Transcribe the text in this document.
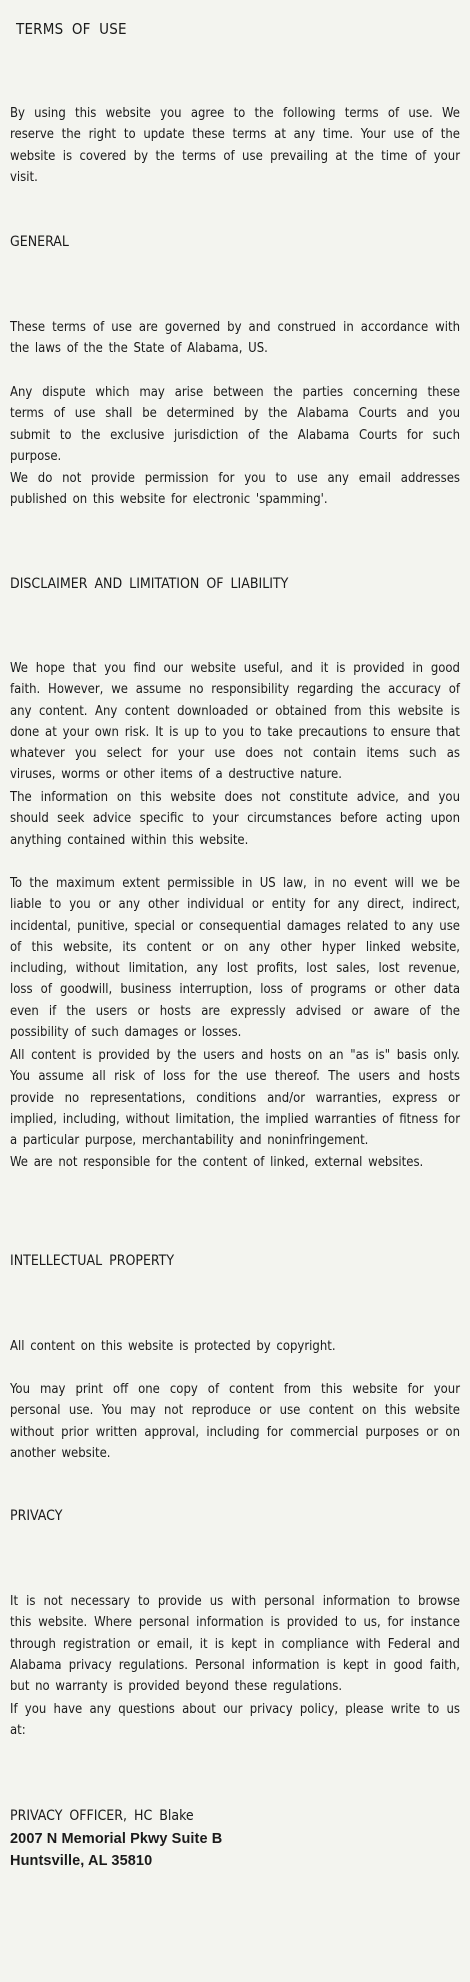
TERMS OF USE

By using this website you agree to the following terms of use. We reserve the right to update these terms at any time. Your use of the website is covered by the terms of use prevailing at the time of your visit.

GENERAL

These terms of use are governed by and construed in accordance with the laws of the the State of Alabama, US.

Any dispute which may arise between the parties concerning these terms of use shall be determined by the Alabama Courts and you submit to the exclusive jurisdiction of the Alabama Courts for such purpose.

We do not provide permission for you to use any email addresses published on this website for electronic 'spamming'.

DISCLAIMER AND LIMITATION OF LIABILITY

We hope that you find our website useful, and it is provided in good faith. However, we assume no responsibility regarding the accuracy of any content. Any content downloaded or obtained from this website is done at your own risk. It is up to you to take precautions to ensure that whatever you select for your use does not contain items such as viruses, worms or other items of a destructive nature.

The information on this website does not constitute advice, and you should seek advice specific to your circumstances before acting upon anything contained within this website.

To the maximum extent permissible in US law, in no event will we be liable to you or any other individual or entity for any direct, indirect, incidental, punitive, special or consequential damages related to any use of this website, its content or on any other hyper linked website, including, without limitation, any lost profits, lost sales, lost revenue, loss of goodwill, business interruption, loss of programs or other data even if the users or hosts are expressly advised or aware of the possibility of such damages or losses.

All content is provided by the users and hosts on an "as is" basis only. You assume all risk of loss for the use thereof. The users and hosts provide no representations, conditions and/or warranties, express or implied, including, without limitation, the implied warranties of fitness for a particular purpose, merchantability and noninfringement.

We are not responsible for the content of linked, external websites.

INTELLECTUAL PROPERTY

All content on this website is protected by copyright.

You may print off one copy of content from this website for your personal use. You may not reproduce or use content on this website without prior written approval, including for commercial purposes or on another website.

PRIVACY

It is not necessary to provide us with personal information to browse this website. Where personal information is provided to us, for instance through registration or email, it is kept in compliance with Federal and Alabama privacy regulations. Personal information is kept in good faith, but no warranty is provided beyond these regulations.

If you have any questions about our privacy policy, please write to us at:

PRIVACY OFFICER, HC Blake

2007 N Memorial Pkwy Suite B

Huntsville, AL 35810
